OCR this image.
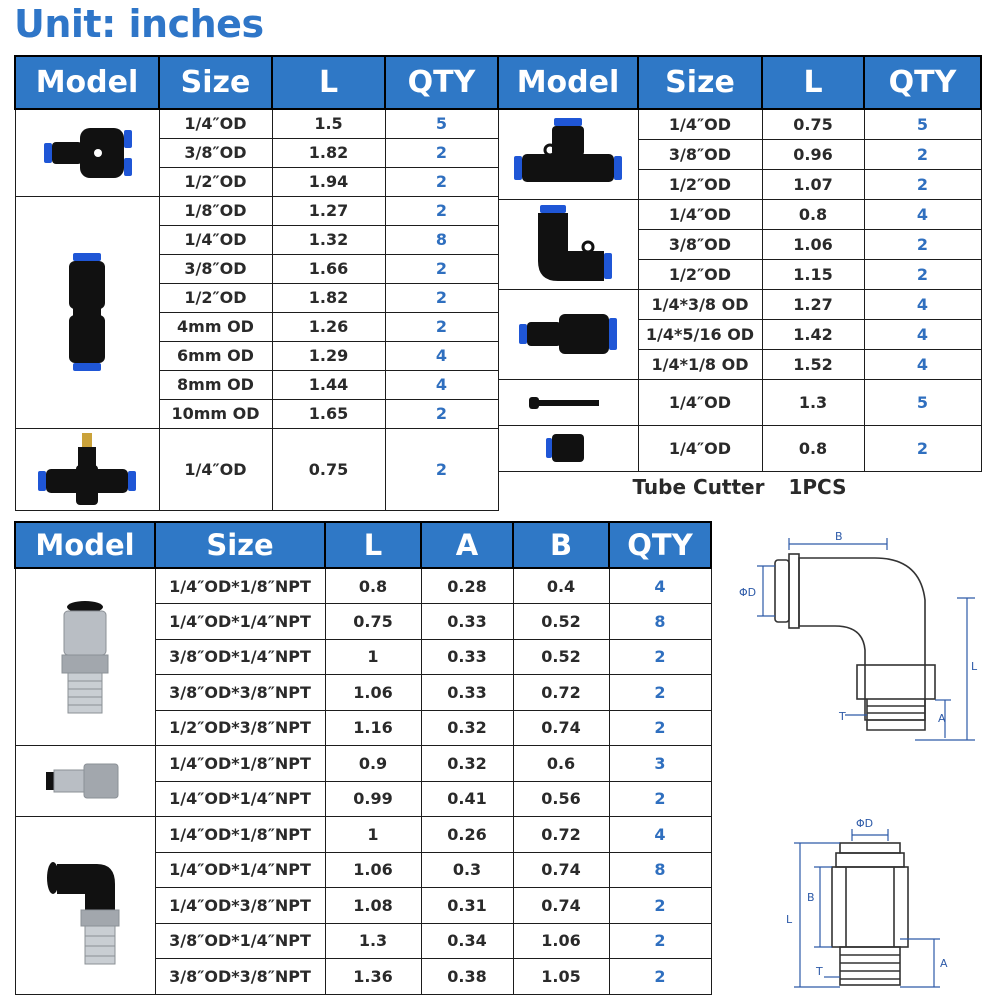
Unit: inches
Model	Size	L	QTY

	1/4″OD	1.5	5
	3/8″OD	1.82	2
	1/2″OD	1.94	2

	1/8″OD	1.27	2
	1/4″OD	1.32	8
	3/8″OD	1.66	2
	1/2″OD	1.82	2
	4mm OD	1.26	2
	6mm OD	1.29	4
	8mm OD	1.44	4
	10mm OD	1.65	2

	1/4″OD	0.75	2
Model	Size	L	QTY

	1/4″OD	0.75	5
	3/8″OD	0.96	2
	1/2″OD	1.07	2

	1/4″OD	0.8	4
	3/8″OD	1.06	2
	1/2″OD	1.15	2

	1/4*3/8 OD	1.27	4
	1/4*5/16 OD	1.42	4
	1/4*1/8 OD	1.52	4

	1/4″OD	1.3	5

	1/4″OD	0.8	2
Tube Cutter 1PCS			
Model	Size	L	A	B	QTY

	1/4″OD*1/8″NPT	0.8	0.28	0.4	4
	1/4″OD*1/4″NPT	0.75	0.33	0.52	8
	3/8″OD*1/4″NPT	1	0.33	0.52	2
	3/8″OD*3/8″NPT	1.06	0.33	0.72	2
	1/2″OD*3/8″NPT	1.16	0.32	0.74	2

	1/4″OD*1/8″NPT	0.9	0.32	0.6	3
	1/4″OD*1/4″NPT	0.99	0.41	0.56	2

	1/4″OD*1/8″NPT	1	0.26	0.72	4
	1/4″OD*1/4″NPT	1.06	0.3	0.74	8
	1/4″OD*3/8″NPT	1.08	0.31	0.74	2
	3/8″OD*1/4″NPT	1.3	0.34	1.06	2
	3/8″OD*3/8″NPT	1.36	0.38	1.05	2
B
ΦD
L
A
T
ΦD
B
L
A
T
